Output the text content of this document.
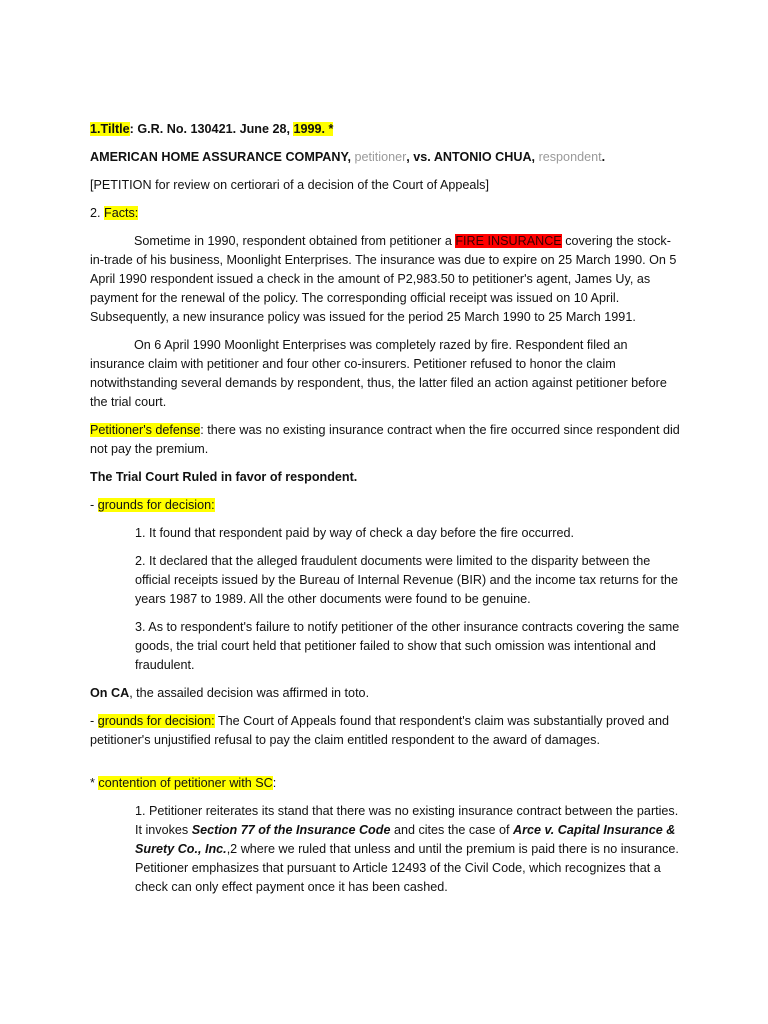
1.Tiltle: G.R. No. 130421. June 28, 1999. *

AMERICAN HOME ASSURANCE COMPANY, petitioner, vs. ANTONIO CHUA, respondent.

[PETITION for review on certiorari of a decision of the Court of Appeals]

2. Facts:

Sometime in 1990, respondent obtained from petitioner a FIRE INSURANCE covering the stock-in-trade of his business, Moonlight Enterprises. The insurance was due to expire on 25 March 1990. On 5 April 1990 respondent issued a check in the amount of P2,983.50 to petitioner's agent, James Uy, as payment for the renewal of the policy. The corresponding official receipt was issued on 10 April. Subsequently, a new insurance policy was issued for the period 25 March 1990 to 25 March 1991.

On 6 April 1990 Moonlight Enterprises was completely razed by fire. Respondent filed an insurance claim with petitioner and four other co-insurers. Petitioner refused to honor the claim notwithstanding several demands by respondent, thus, the latter filed an action against petitioner before the trial court.

Petitioner's defense: there was no existing insurance contract when the fire occurred since respondent did not pay the premium.

The Trial Court Ruled in favor of respondent.

- grounds for decision:

1. It found that respondent paid by way of check a day before the fire occurred.

2. It declared that the alleged fraudulent documents were limited to the disparity between the official receipts issued by the Bureau of Internal Revenue (BIR) and the income tax returns for the years 1987 to 1989. All the other documents were found to be genuine.

3. As to respondent's failure to notify petitioner of the other insurance contracts covering the same goods, the trial court held that petitioner failed to show that such omission was intentional and fraudulent.

On CA, the assailed decision was affirmed in toto.

- grounds for decision: The Court of Appeals found that respondent's claim was substantially proved and petitioner's unjustified refusal to pay the claim entitled respondent to the award of damages.

* contention of petitioner with SC:

1. Petitioner reiterates its stand that there was no existing insurance contract between the parties. It invokes Section 77 of the Insurance Code and cites the case of Arce v. Capital Insurance & Surety Co., Inc.,2 where we ruled that unless and until the premium is paid there is no insurance. Petitioner emphasizes that pursuant to Article 12493 of the Civil Code, which recognizes that a check can only effect payment once it has been cashed.
